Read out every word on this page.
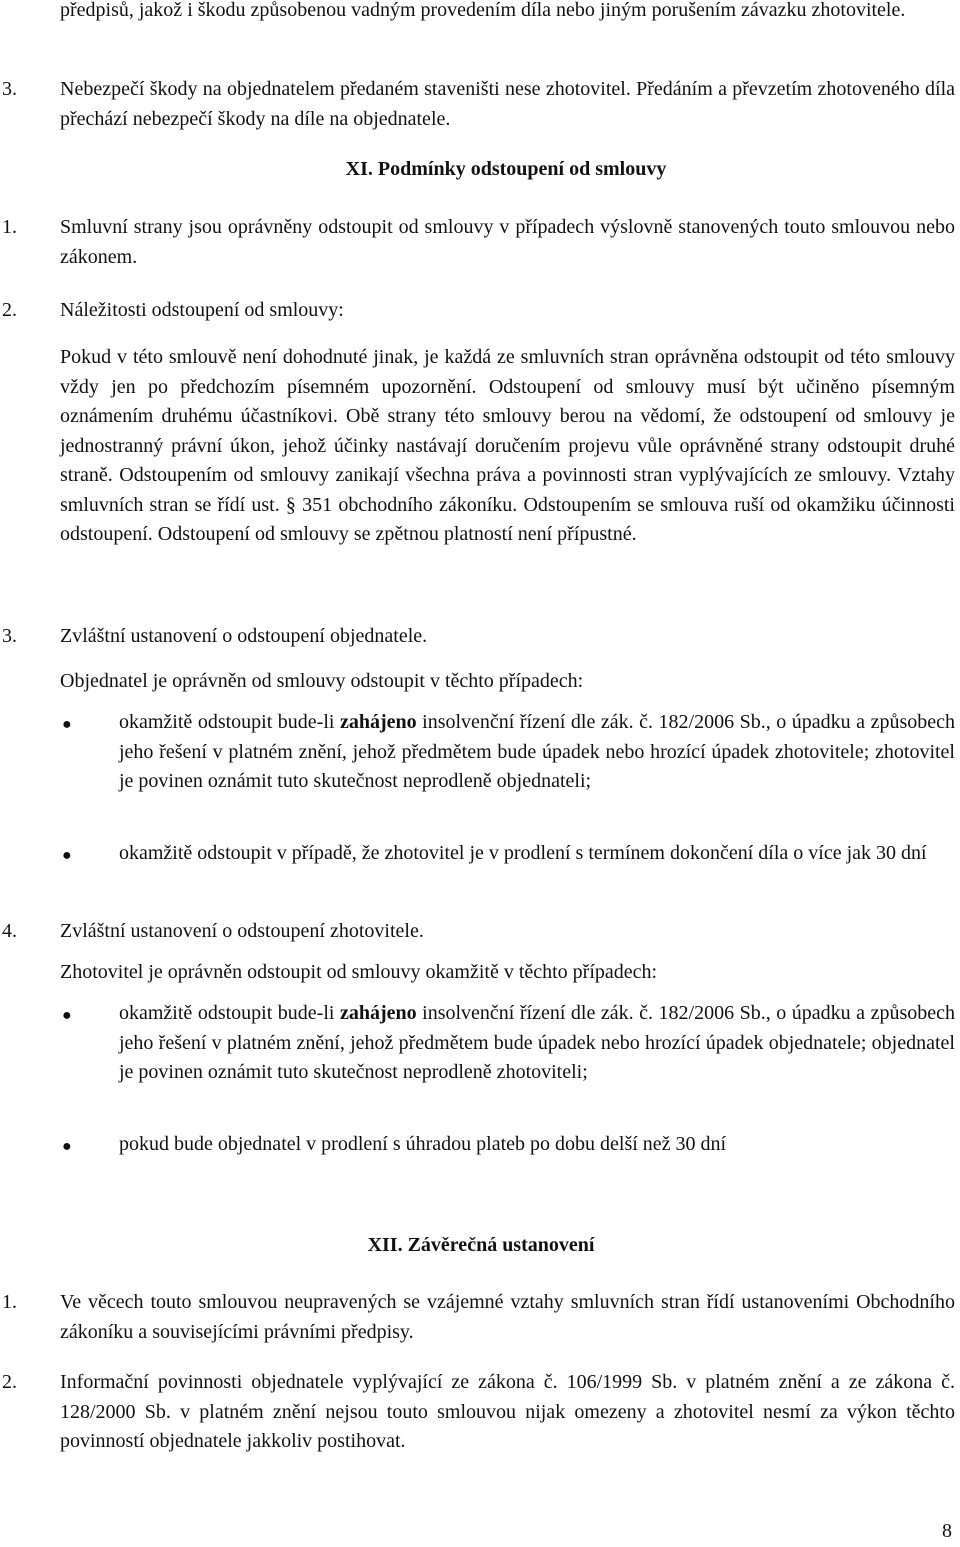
předpisů, jakož i škodu způsobenou vadným provedením díla nebo jiným porušením závazku zhotovitele.

3. Nebezpečí škody na objednatelem předaném staveništi nese zhotovitel. Předáním a převzetím zhotoveného díla přechází nebezpečí škody na díle na objednatele.

XI. Podmínky odstoupení od smlouvy
1. Smluvní strany jsou oprávněny odstoupit od smlouvy v případech výslovně stanovených touto smlouvou nebo zákonem.

2. Náležitosti odstoupení od smlouvy:

Pokud v této smlouvě není dohodnuté jinak, je každá ze smluvních stran oprávněna odstoupit od této smlouvy vždy jen po předchozím písemném upozornění. Odstoupení od smlouvy musí být učiněno písemným oznámením druhému účastníkovi. Obě strany této smlouvy berou na vědomí, že odstoupení od smlouvy je jednostranný právní úkon, jehož účinky nastávají doručením projevu vůle oprávněné strany odstoupit druhé straně. Odstoupením od smlouvy zanikají všechna práva a povinnosti stran vyplývajících ze smlouvy. Vztahy smluvních stran se řídí ust. § 351 obchodního zákoníku. Odstoupením se smlouva ruší od okamžiku účinnosti odstoupení. Odstoupení od smlouvy se zpětnou platností není přípustné.

3. Zvláštní ustanovení o odstoupení objednatele.

Objednatel je oprávněn od smlouvy odstoupit v těchto případech:

● okamžitě odstoupit bude-li zahájeno insolvenční řízení dle zák. č. 182/2006 Sb., o úpadku a způsobech jeho řešení v platném znění, jehož předmětem bude úpadek nebo hrozící úpadek zhotovitele; zhotovitel je povinen oznámit tuto skutečnost neprodleně objednateli;

● okamžitě odstoupit v případě, že zhotovitel je v prodlení s termínem dokončení díla o více jak 30 dní

4. Zvláštní ustanovení o odstoupení zhotovitele.

Zhotovitel je oprávněn odstoupit od smlouvy okamžitě v těchto případech:

● okamžitě odstoupit bude-li zahájeno insolvenční řízení dle zák. č. 182/2006 Sb., o úpadku a způsobech jeho řešení v platném znění, jehož předmětem bude úpadek nebo hrozící úpadek objednatele; objednatel je povinen oznámit tuto skutečnost neprodleně zhotoviteli;

● pokud bude objednatel v prodlení s úhradou plateb po dobu delší než 30 dní

XII. Závěrečná ustanovení
1. Ve věcech touto smlouvou neupravených se vzájemné vztahy smluvních stran řídí ustanoveními Obchodního zákoníku a souvisejícími právními předpisy.

2. Informační povinnosti objednatele vyplývající ze zákona č. 106/1999 Sb. v platném znění a ze zákona č. 128/2000 Sb. v platném znění nejsou touto smlouvou nijak omezeny a zhotovitel nesmí za výkon těchto povinností objednatele jakkoliv postihovat.

8
